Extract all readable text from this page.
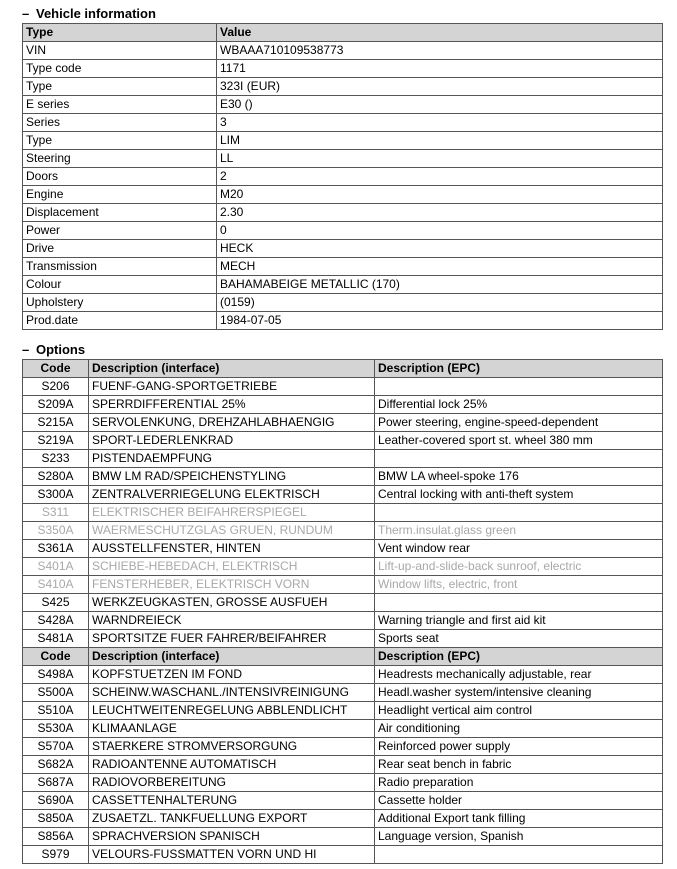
– Vehicle information
Type	Value
VIN	WBAAA710109538773
Type code	1171
Type	323I (EUR)
E series	E30 ()
Series	3
Type	LIM
Steering	LL
Doors	2
Engine	M20
Displacement	2.30
Power	0
Drive	HECK
Transmission	MECH
Colour	BAHAMABEIGE METALLIC (170)
Upholstery	(0159)
Prod.date	1984-07-05
– Options
Code	Description (interface)	Description (EPC)
S206	FUENF-GANG-SPORTGETRIEBE	
S209A	SPERRDIFFERENTIAL 25%	Differential lock 25%
S215A	SERVOLENKUNG, DREHZAHLABHAENGIG	Power steering, engine-speed-dependent
S219A	SPORT-LEDERLENKRAD	Leather-covered sport st. wheel 380 mm
S233	PISTENDAEMPFUNG	
S280A	BMW LM RAD/SPEICHENSTYLING	BMW LA wheel-spoke 176
S300A	ZENTRALVERRIEGELUNG ELEKTRISCH	Central locking with anti-theft system
S311	ELEKTRISCHER BEIFAHRERSPIEGEL	
S350A	WAERMESCHUTZGLAS GRUEN, RUNDUM	Therm.insulat.glass green
S361A	AUSSTELLFENSTER, HINTEN	Vent window rear
S401A	SCHIEBE-HEBEDACH, ELEKTRISCH	Lift-up-and-slide-back sunroof, electric
S410A	FENSTERHEBER, ELEKTRISCH VORN	Window lifts, electric, front
S425	WERKZEUGKASTEN, GROSSE AUSFUEH	
S428A	WARNDREIECK	Warning triangle and first aid kit
S481A	SPORTSITZE FUER FAHRER/BEIFAHRER	Sports seat
Code	Description (interface)	Description (EPC)
S498A	KOPFSTUETZEN IM FOND	Headrests mechanically adjustable, rear
S500A	SCHEINW.WASCHANL./INTENSIVREINIGUNG	Headl.washer system/intensive cleaning
S510A	LEUCHTWEITENREGELUNG ABBLENDLICHT	Headlight vertical aim control
S530A	KLIMAANLAGE	Air conditioning
S570A	STAERKERE STROMVERSORGUNG	Reinforced power supply
S682A	RADIOANTENNE AUTOMATISCH	Rear seat bench in fabric
S687A	RADIOVORBEREITUNG	Radio preparation
S690A	CASSETTENHALTERUNG	Cassette holder
S850A	ZUSAETZL. TANKFUELLUNG EXPORT	Additional Export tank filling
S856A	SPRACHVERSION SPANISCH	Language version, Spanish
S979	VELOURS-FUSSMATTEN VORN UND HI	
